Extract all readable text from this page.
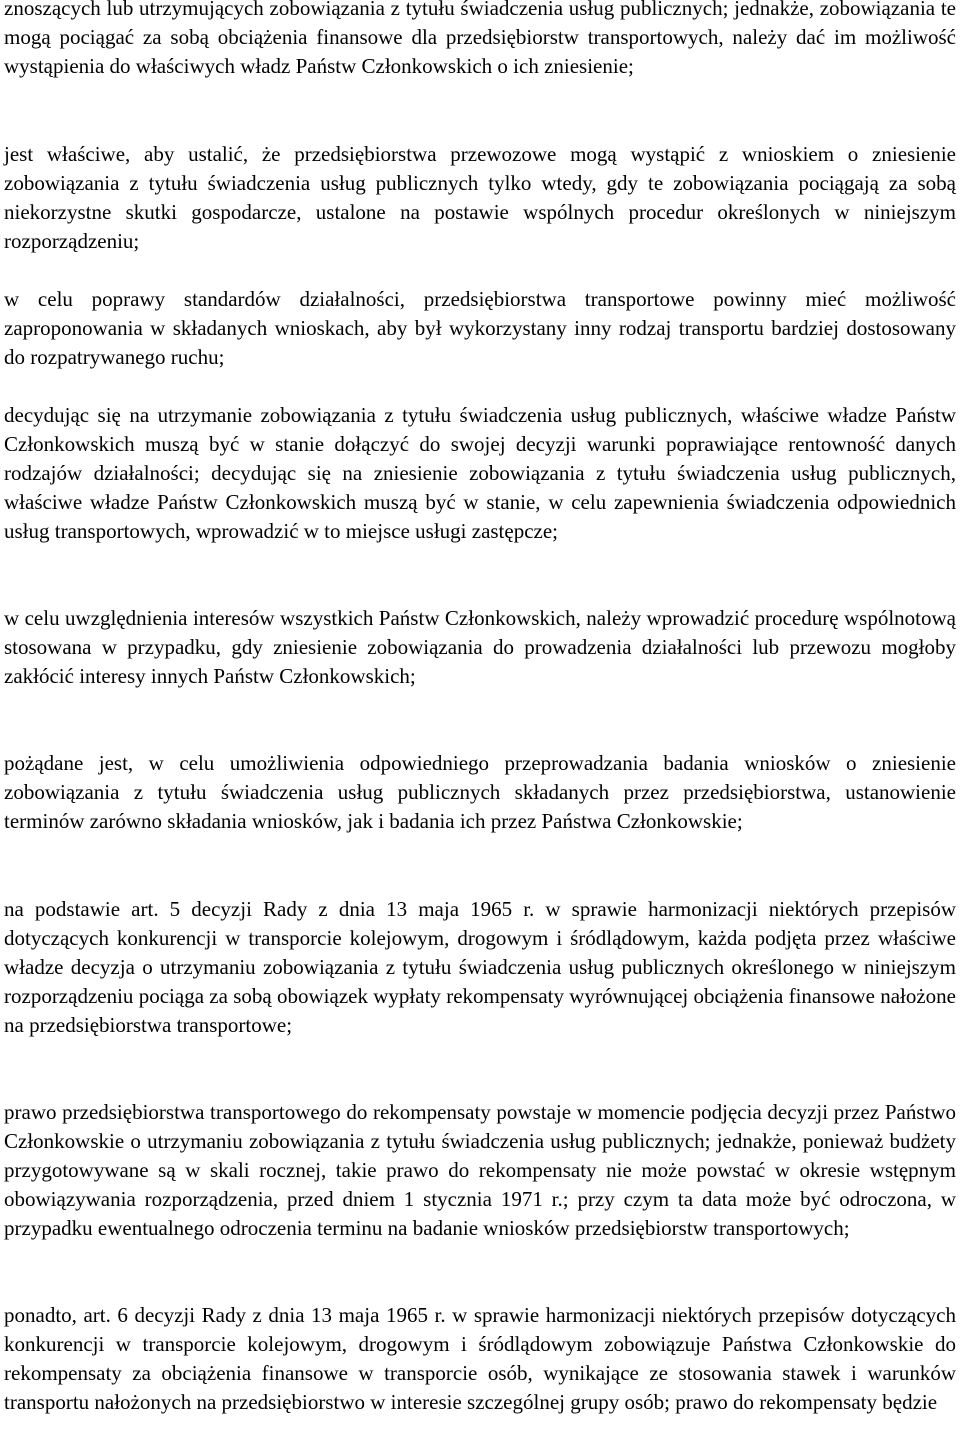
znoszących lub utrzymujących zobowiązania z tytułu świadczenia usług publicznych; jednakże, zobowiązania te mogą pociągać za sobą obciążenia finansowe dla przedsiębiorstw transportowych, należy dać im możliwość wystąpienia do właściwych władz Państw Członkowskich o ich zniesienie;

jest właściwe, aby ustalić, że przedsiębiorstwa przewozowe mogą wystąpić z wnioskiem o zniesienie zobowiązania z tytułu świadczenia usług publicznych tylko wtedy, gdy te zobowiązania pociągają za sobą niekorzystne skutki gospodarcze, ustalone na postawie wspólnych procedur określonych w niniejszym rozporządzeniu;

w celu poprawy standardów działalności, przedsiębiorstwa transportowe powinny mieć możliwość zaproponowania w składanych wnioskach, aby był wykorzystany inny rodzaj transportu bardziej dostosowany do rozpatrywanego ruchu;

decydując się na utrzymanie zobowiązania z tytułu świadczenia usług publicznych, właściwe władze Państw Członkowskich muszą być w stanie dołączyć do swojej decyzji warunki poprawiające rentowność danych rodzajów działalności; decydując się na zniesienie zobowiązania z tytułu świadczenia usług publicznych, właściwe władze Państw Członkowskich muszą być w stanie, w celu zapewnienia świadczenia odpowiednich usług transportowych, wprowadzić w to miejsce usługi zastępcze;

w celu uwzględnienia interesów wszystkich Państw Członkowskich, należy wprowadzić procedurę wspólnotową stosowana w przypadku, gdy zniesienie zobowiązania do prowadzenia działalności lub przewozu mogłoby zakłócić interesy innych Państw Członkowskich;

pożądane jest, w celu umożliwienia odpowiedniego przeprowadzania badania wniosków o zniesienie zobowiązania z tytułu świadczenia usług publicznych składanych przez przedsiębiorstwa, ustanowienie terminów zarówno składania wniosków, jak i badania ich przez Państwa Członkowskie;

na podstawie art. 5 decyzji Rady z dnia 13 maja 1965 r. w sprawie harmonizacji niektórych przepisów dotyczących konkurencji w transporcie kolejowym, drogowym i śródlądowym, każda podjęta przez właściwe władze decyzja o utrzymaniu zobowiązania z tytułu świadczenia usług publicznych określonego w niniejszym rozporządzeniu pociąga za sobą obowiązek wypłaty rekompensaty wyrównującej obciążenia finansowe nałożone na przedsiębiorstwa transportowe;

prawo przedsiębiorstwa transportowego do rekompensaty powstaje w momencie podjęcia decyzji przez Państwo Członkowskie o utrzymaniu zobowiązania z tytułu świadczenia usług publicznych; jednakże, ponieważ budżety przygotowywane są w skali rocznej, takie prawo do rekompensaty nie może powstać w okresie wstępnym obowiązywania rozporządzenia, przed dniem 1 stycznia 1971 r.; przy czym ta data może być odroczona, w przypadku ewentualnego odroczenia terminu na badanie wniosków przedsiębiorstw transportowych;

ponadto, art. 6 decyzji Rady z dnia 13 maja 1965 r. w sprawie harmonizacji niektórych przepisów dotyczących konkurencji w transporcie kolejowym, drogowym i śródlądowym zobowiązuje Państwa Członkowskie do rekompensaty za obciążenia finansowe w transporcie osób, wynikające ze stosowania stawek i warunków transportu nałożonych na przedsiębiorstwo w interesie szczególnej grupy osób; prawo do rekompensaty będzie
